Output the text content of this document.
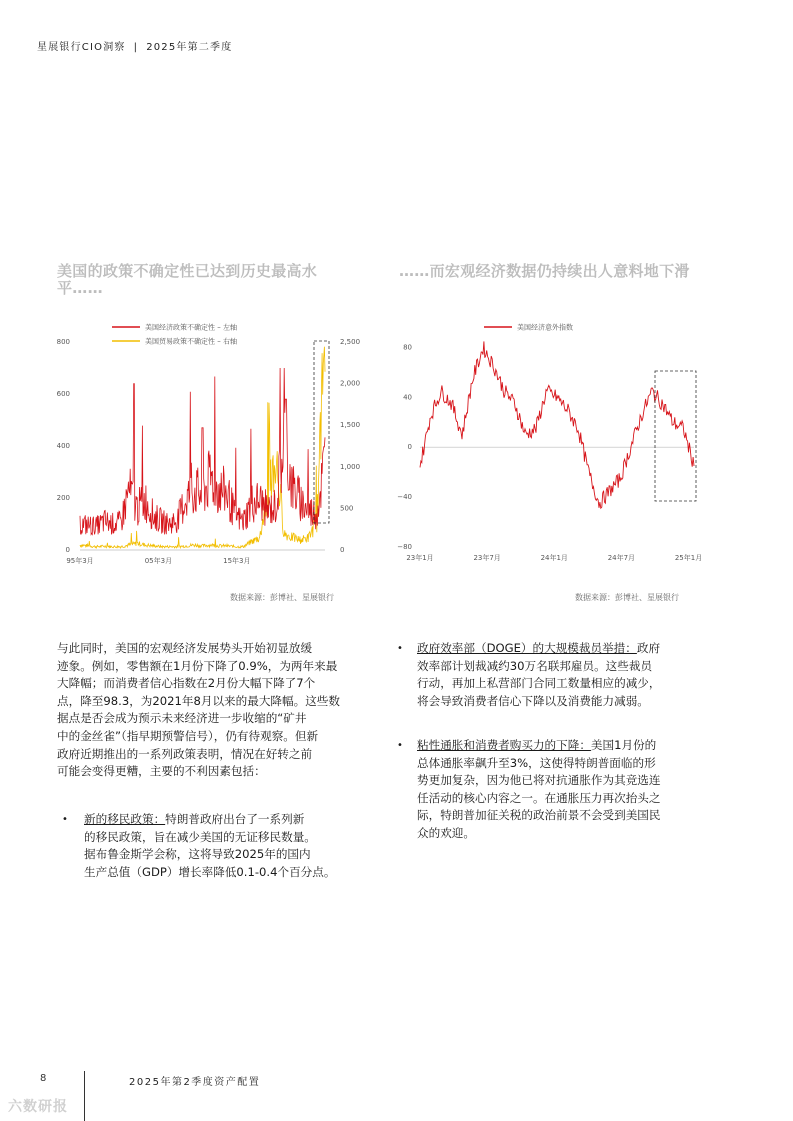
星展银行CIO洞察 | 2025年第二季度
美国的政策不确定性已达到历史最高水平……
……而宏观经济数据仍持续出人意料地下滑
0
200
400
600
800
0
500
1,000
1,500
2,000
2,500
95年3月	05年3月	15年3月
美国经济政策不确定性 – 左轴
美国贸易政策不确定性 – 右轴
−80
−40
0
40
80
23年1月	23年7月	24年1月	24年7月	25年1月
美国经济意外指数
数据来源：彭博社、星展银行	数据来源：彭博社、星展银行

与此同时，美国的宏观经济发展势头开始初显放缓

迹象。例如，零售额在1月份下降了0.9%，为两年来最

大降幅；而消费者信心指数在2月份大幅下降了7个

点，降至98.3，为2021年8月以来的最大降幅。这些数

据点是否会成为预示未来经济进一步收缩的“矿井

中的金丝雀”（指早期预警信号），仍有待观察。但新

政府近期推出的一系列政策表明，情况在好转之前

可能会变得更糟，主要的不利因素包括：

• 新的移民政策：特朗普政府出台了一系列新
的移民政策，旨在减少美国的无证移民数量。
据布鲁金斯学会称，这将导致2025年的国内
生产总值（GDP）增长率降低0.1-0.4个百分点。
• 政府效率部（DOGE）的大规模裁员举措：政府
效率部计划裁减约30万名联邦雇员。这些裁员
行动，再加上私营部门合同工数量相应的减少，
将会导致消费者信心下降以及消费能力减弱。
• 粘性通胀和消费者购买力的下降：美国1月份的
总体通胀率飙升至3%，这使得特朗普面临的形
势更加复杂，因为他已将对抗通胀作为其竞选连
任活动的核心内容之一。在通胀压力再次抬头之
际，特朗普加征关税的政治前景不会受到美国民
众的欢迎。
8	2025年第2季度资产配置
六数研报
